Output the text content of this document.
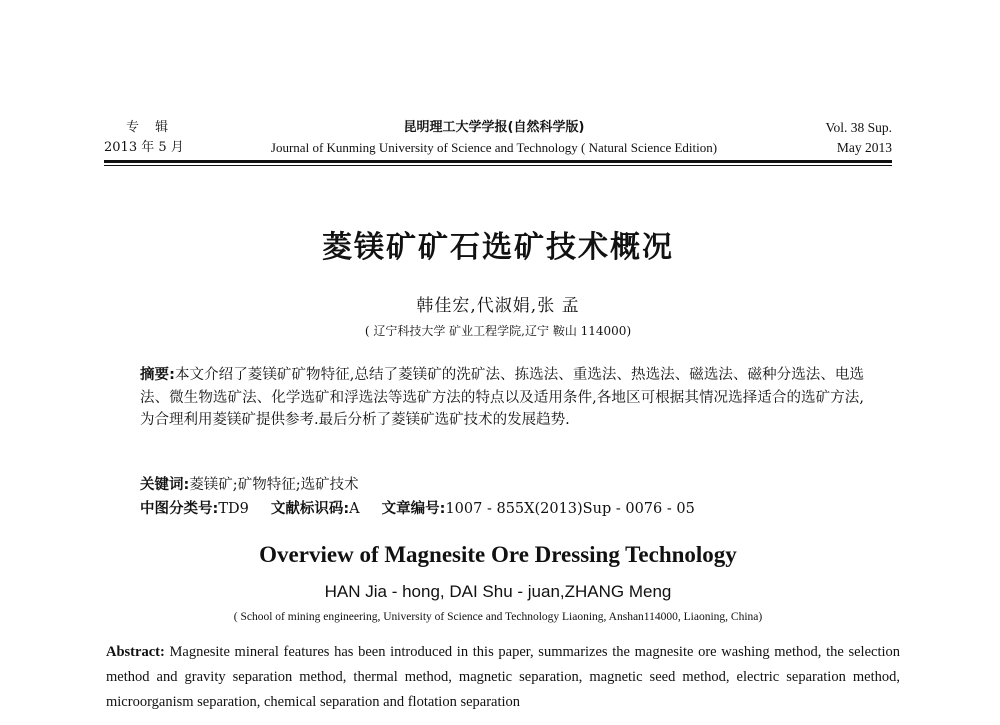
专 辑
2013 年 5 月
昆明理工大学学报(自然科学版)
Journal of Kunming University of Science and Technology ( Natural Science Edition)
Vol. 38 Sup.
May 2013
菱镁矿矿石选矿技术概况
韩佳宏,代淑娟,张 孟
( 辽宁科技大学 矿业工程学院,辽宁 鞍山 114000)
摘要:本文介绍了菱镁矿矿物特征,总结了菱镁矿的洗矿法、拣选法、重选法、热选法、磁选法、磁种分选法、电选法、微生物选矿法、化学选矿和浮选法等选矿方法的特点以及适用条件,各地区可根据其情况选择适合的选矿方法,为合理利用菱镁矿提供参考.最后分析了菱镁矿选矿技术的发展趋势.
关键词:菱镁矿;矿物特征;选矿技术
中图分类号:TD9 文献标识码:A 文章编号:1007 - 855X(2013)Sup - 0076 - 05
Overview of Magnesite Ore Dressing Technology
HAN Jia - hong, DAI Shu - juan,ZHANG Meng
( School of mining engineering, University of Science and Technology Liaoning, Anshan114000, Liaoning, China)
Abstract: Magnesite mineral features has been introduced in this paper, summarizes the magnesite ore washing method, the selection method and gravity separation method, thermal method, magnetic separation, magnetic seed method, electric separation method, microorganism separation, chemical separation and flotation separation
